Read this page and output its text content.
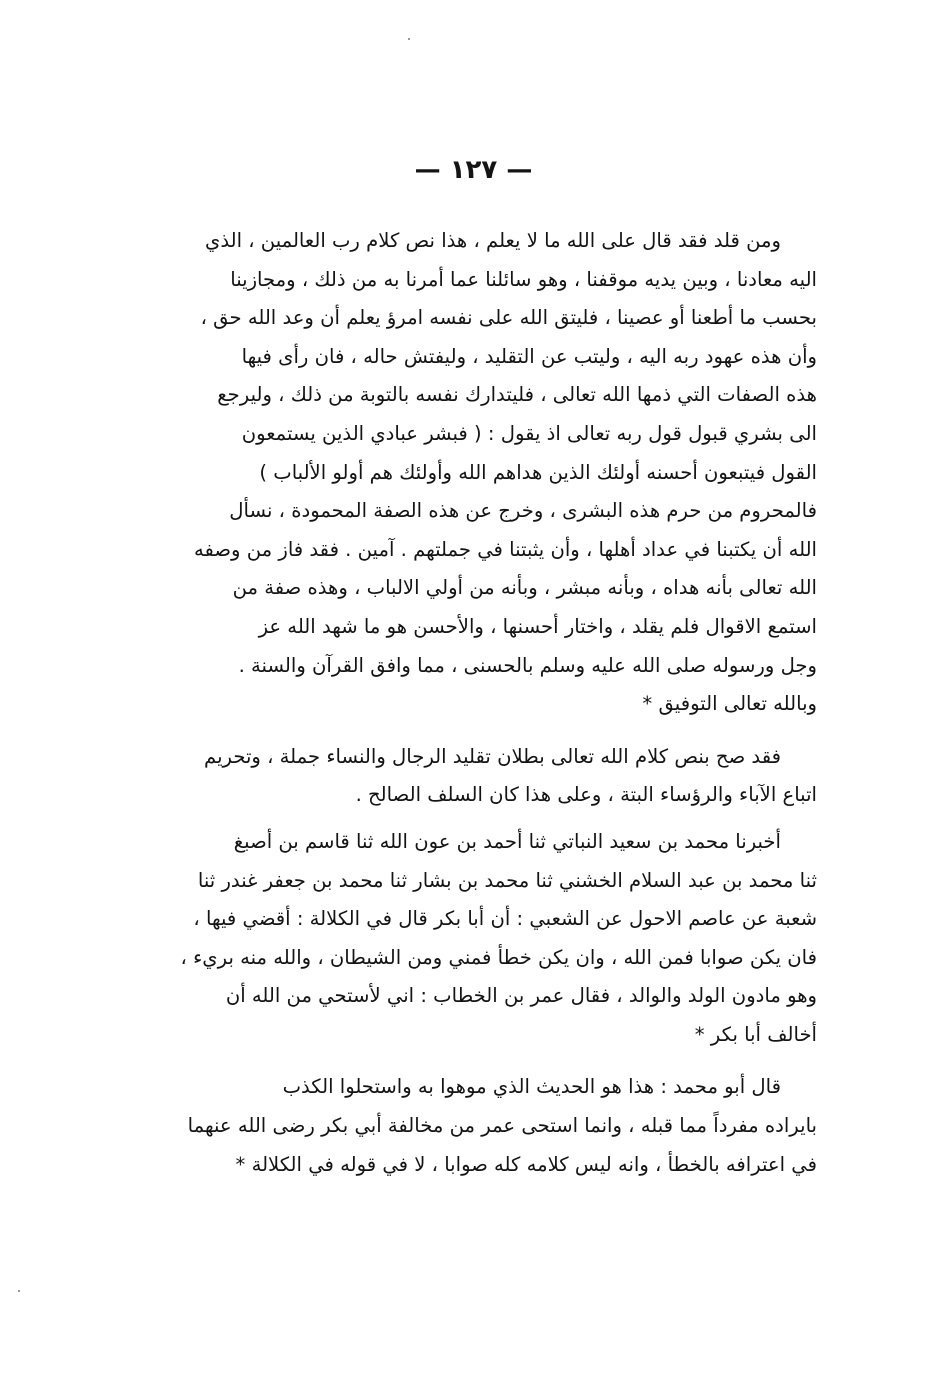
— ١٢٧ —

ومن قلد فقد قال على الله ما لا يعلم ، هذا نص كلام رب العالمين ، الذي
اليه معادنا ، وبين يديه موقفنا ، وهو سائلنا عما أمرنا به من ذلك ، ومجازينا
بحسب ما أطعنا أو عصينا ، فليتق الله على نفسه امرؤ يعلم أن وعد الله حق ،
وأن هذه عهود ربه اليه ، وليتب عن التقليد ، وليفتش حاله ، فان رأى فيها
هذه الصفات التي ذمها الله تعالى ، فليتدارك نفسه بالتوبة من ذلك ، وليرجع
الى بشري قبول قول ربه تعالى اذ يقول : ( فبشر عبادي الذين يستمعون
القول فيتبعون أحسنه أولئك الذين هداهم الله وأولئك هم أولو الألباب )
فالمحروم من حرم هذه البشرى ، وخرج عن هذه الصفة المحمودة ، نسأل
الله أن يكتبنا في عداد أهلها ، وأن يثبتنا في جملتهم . آمين . فقد فاز من وصفه
الله تعالى بأنه هداه ، وبأنه مبشر ، وبأنه من أولي الالباب ، وهذه صفة من
استمع الاقوال فلم يقلد ، واختار أحسنها ، والأحسن هو ما شهد الله عز
وجل ورسوله صلى الله عليه وسلم بالحسنى ، مما وافق القرآن والسنة .
وبالله تعالى التوفيق *

فقد صح بنص كلام الله تعالى بطلان تقليد الرجال والنساء جملة ، وتحريم
اتباع الآباء والرؤساء البتة ، وعلى هذا كان السلف الصالح .

أخبرنا محمد بن سعيد النباتي ثنا أحمد بن عون الله ثنا قاسم بن أصبغ
ثنا محمد بن عبد السلام الخشني ثنا محمد بن بشار ثنا محمد بن جعفر غندر ثنا
شعبة عن عاصم الاحول عن الشعبي : أن أبا بكر قال في الكلالة : أقضي فيها ،
فان يكن صوابا فمن الله ، وان يكن خطأ فمني ومن الشيطان ، والله منه بريء ،
وهو مادون الولد والوالد ، فقال عمر بن الخطاب : اني لأستحي من الله أن
أخالف أبا بكر *

قال أبو محمد : هذا هو الحديث الذي موهوا به واستحلوا الكذب
بايراده مفرداً مما قبله ، وانما استحى عمر من مخالفة أبي بكر رضى الله عنهما
في اعترافه بالخطأ ، وانه ليس كلامه كله صوابا ، لا في قوله في الكلالة *
